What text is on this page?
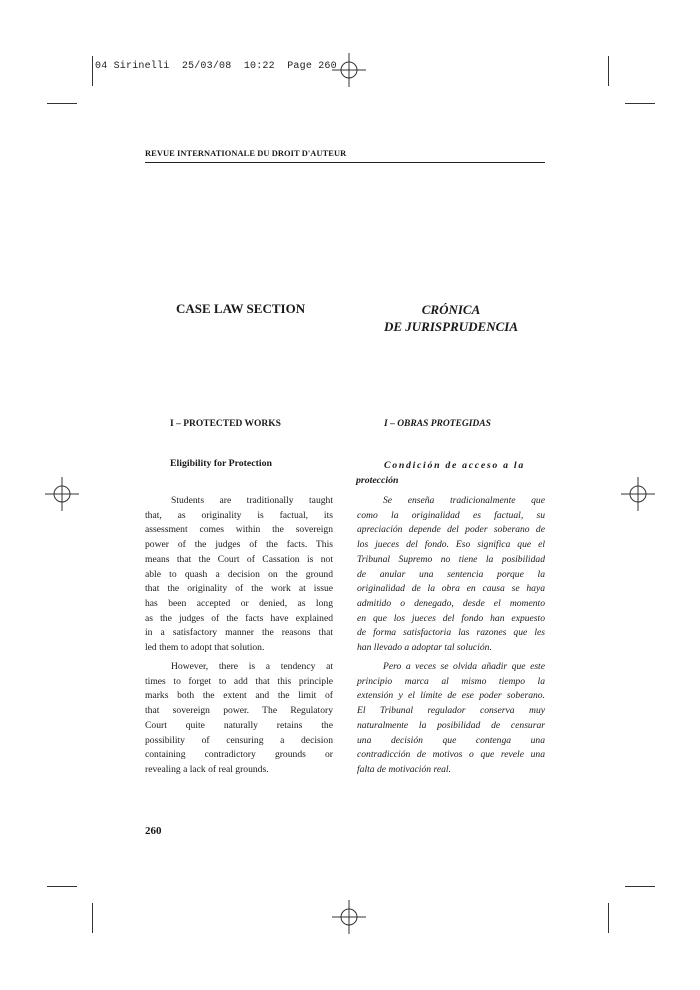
04 Sirinelli  25/03/08  10:22  Page 260
REVUE INTERNATIONALE DU DROIT D'AUTEUR
CASE LAW SECTION	CRÓNICA
DE JURISPRUDENCIA
I – PROTECTED WORKS	I – OBRAS PROTEGIDAS
Eligibility for Protection	Condición de acceso a la
protección
Students are traditionally taught
that, as originality is factual, its
assessment comes within the sovereign
power of the judges of the facts. This
means that the Court of Cassation is not
able to quash a decision on the ground
that the originality of the work at issue
has been accepted or denied, as long
as the judges of the facts have explained
in a satisfactory manner the reasons that
led them to adopt that solution.
Se enseña tradicionalmente que
como la originalidad es factual, su
apreciación depende del poder soberano de
los jueces del fondo. Eso significa que el
Tribunal Supremo no tiene la posibilidad
de anular una sentencia porque la
originalidad de la obra en causa se haya
admitido o denegado, desde el momento
en que los jueces del fondo han expuesto
de forma satisfactoria las razones que les
han llevado a adoptar tal solución.
However, there is a tendency at
times to forget to add that this principle
marks both the extent and the limit of
that sovereign power. The Regulatory
Court quite naturally retains the
possibility of censuring a decision
containing contradictory grounds or
revealing a lack of real grounds.
Pero a veces se olvida añadir que este
principio marca al mismo tiempo la
extensión y el límite de ese poder soberano.
El Tribunal regulador conserva muy
naturalmente la posibilidad de censurar
una decisión que contenga una
contradicción de motivos o que revele una
falta de motivación real.
260
